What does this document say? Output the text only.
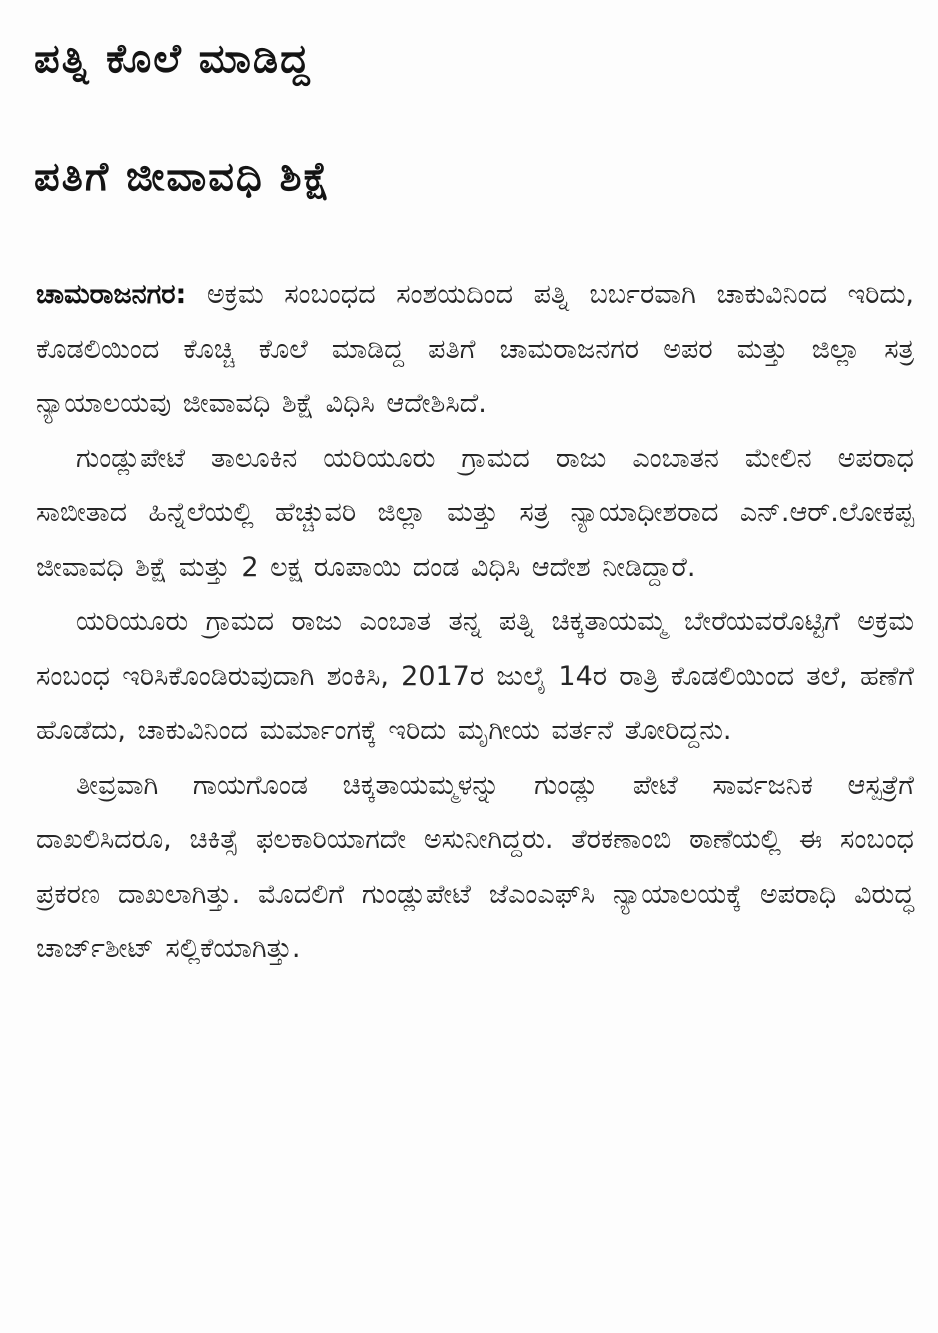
ಪತ್ನಿ ಕೊಲೆ ಮಾಡಿದ್ದ
ಪತಿಗೆ ಜೀವಾವಧಿ ಶಿಕ್ಷೆ

ಚಾಮರಾಜನಗರ: ಅಕ್ರಮ ಸಂಬಂಧದ ಸಂಶಯದಿಂದ ಪತ್ನಿ ಬರ್ಬರವಾಗಿ ಚಾಕುವಿನಿಂದ ಇರಿದು, ಕೊಡಲಿಯಿಂದ ಕೊಚ್ಚಿ ಕೊಲೆ ಮಾಡಿದ್ದ ಪತಿಗೆ ಚಾಮರಾಜನಗರ ಅಪರ ಮತ್ತು ಜಿಲ್ಲಾ ಸತ್ರ ನ್ಯಾಯಾಲಯವು ಜೀವಾವಧಿ ಶಿಕ್ಷೆ ವಿಧಿಸಿ ಆದೇಶಿಸಿದೆ.

ಗುಂಡ್ಲುಪೇಟೆ ತಾಲೂಕಿನ ಯರಿಯೂರು ಗ್ರಾಮದ ರಾಜು ಎಂಬಾತನ ಮೇಲಿನ ಅಪರಾಧ ಸಾಬೀತಾದ ಹಿನ್ನೆಲೆಯಲ್ಲಿ ಹೆಚ್ಚುವರಿ ಜಿಲ್ಲಾ ಮತ್ತು ಸತ್ರ ನ್ಯಾಯಾಧೀಶರಾದ ಎನ್.ಆರ್.ಲೋಕಪ್ಪ ಜೀವಾವಧಿ ಶಿಕ್ಷೆ ಮತ್ತು 2 ಲಕ್ಷ ರೂಪಾಯಿ ದಂಡ ವಿಧಿಸಿ ಆದೇಶ ನೀಡಿದ್ದಾರೆ.

ಯರಿಯೂರು ಗ್ರಾಮದ ರಾಜು ಎಂಬಾತ ತನ್ನ ಪತ್ನಿ ಚಿಕ್ಕತಾಯಮ್ಮ ಬೇರೆಯವರೊಟ್ಟಿಗೆ ಅಕ್ರಮ ಸಂಬಂಧ ಇರಿಸಿಕೊಂಡಿರುವುದಾಗಿ ಶಂಕಿಸಿ, 2017ರ ಜುಲೈ 14ರ ರಾತ್ರಿ ಕೊಡಲಿಯಿಂದ ತಲೆ, ಹಣೆಗೆ ಹೊಡೆದು, ಚಾಕುವಿನಿಂದ ಮರ್ಮಾಂಗಕ್ಕೆ ಇರಿದು ಮೃಗೀಯ ವರ್ತನೆ ತೋರಿದ್ದನು.

ತೀವ್ರವಾಗಿ ಗಾಯಗೊಂಡ ಚಿಕ್ಕತಾಯಮ್ಮಳನ್ನು ಗುಂಡ್ಲು ಪೇಟೆ ಸಾರ್ವಜನಿಕ ಆಸ್ಪತ್ರೆಗೆ ದಾಖಲಿಸಿದರೂ, ಚಿಕಿತ್ಸೆ ಫಲಕಾರಿಯಾಗದೇ ಅಸುನೀಗಿದ್ದರು. ತೆರಕಣಾಂಬಿ ಠಾಣೆಯಲ್ಲಿ ಈ ಸಂಬಂಧ ಪ್ರಕರಣ ದಾಖಲಾಗಿತ್ತು. ಮೊದಲಿಗೆ ಗುಂಡ್ಲುಪೇಟೆ ಜೆಎಂಎಫ್‌ಸಿ ನ್ಯಾಯಾಲಯಕ್ಕೆ ಅಪರಾಧಿ ವಿರುದ್ಧ ಚಾರ್ಜ್‌ಶೀಟ್ ಸಲ್ಲಿಕೆಯಾಗಿತ್ತು.
